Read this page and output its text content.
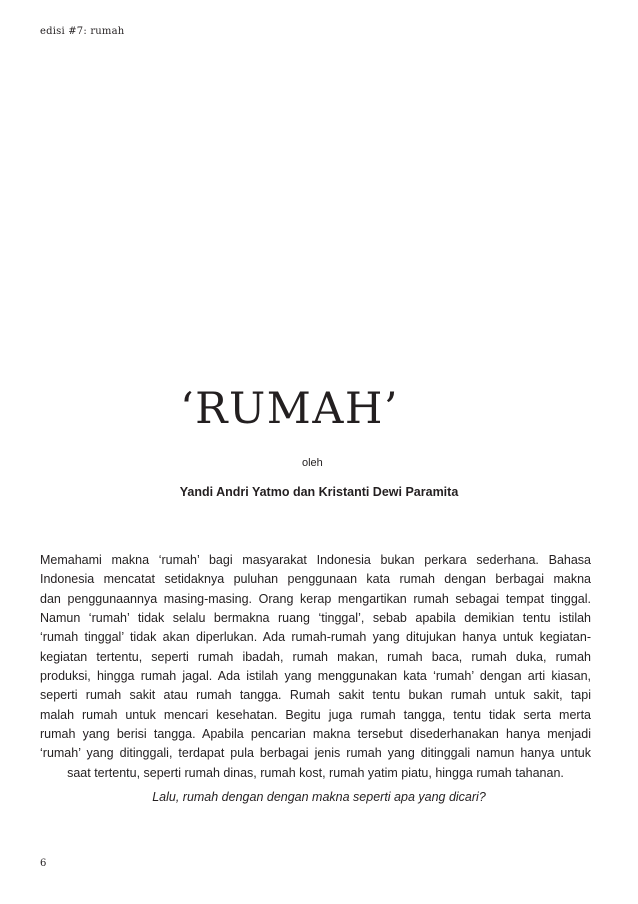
edisi #7: rumah
‘RUMAH’
oleh
Yandi Andri Yatmo dan Kristanti Dewi Paramita
Memahami makna ‘rumah’ bagi masyarakat Indonesia bukan perkara sederhana. Bahasa
Indonesia mencatat setidaknya puluhan penggunaan kata rumah dengan berbagai makna
dan penggunaannya masing-masing. Orang kerap mengartikan rumah sebagai tempat tinggal.
Namun ‘rumah’ tidak selalu bermakna ruang ‘tinggal’, sebab apabila demikian tentu istilah
‘rumah tinggal’ tidak akan diperlukan. Ada rumah-rumah yang ditujukan hanya untuk kegiatan-
kegiatan tertentu, seperti rumah ibadah, rumah makan, rumah baca, rumah duka, rumah
produksi, hingga rumah jagal. Ada istilah yang menggunakan kata ‘rumah’ dengan arti kiasan,
seperti rumah sakit atau rumah tangga. Rumah sakit tentu bukan rumah untuk sakit, tapi
malah rumah untuk mencari kesehatan. Begitu juga rumah tangga, tentu tidak serta merta
rumah yang berisi tangga. Apabila pencarian makna tersebut disederhanakan hanya menjadi
‘rumah’ yang ditinggali, terdapat pula berbagai jenis rumah yang ditinggali namun hanya untuk
saat tertentu, seperti rumah dinas, rumah kost, rumah yatim piatu, hingga rumah tahanan.
Lalu, rumah dengan dengan makna seperti apa yang dicari?
6
